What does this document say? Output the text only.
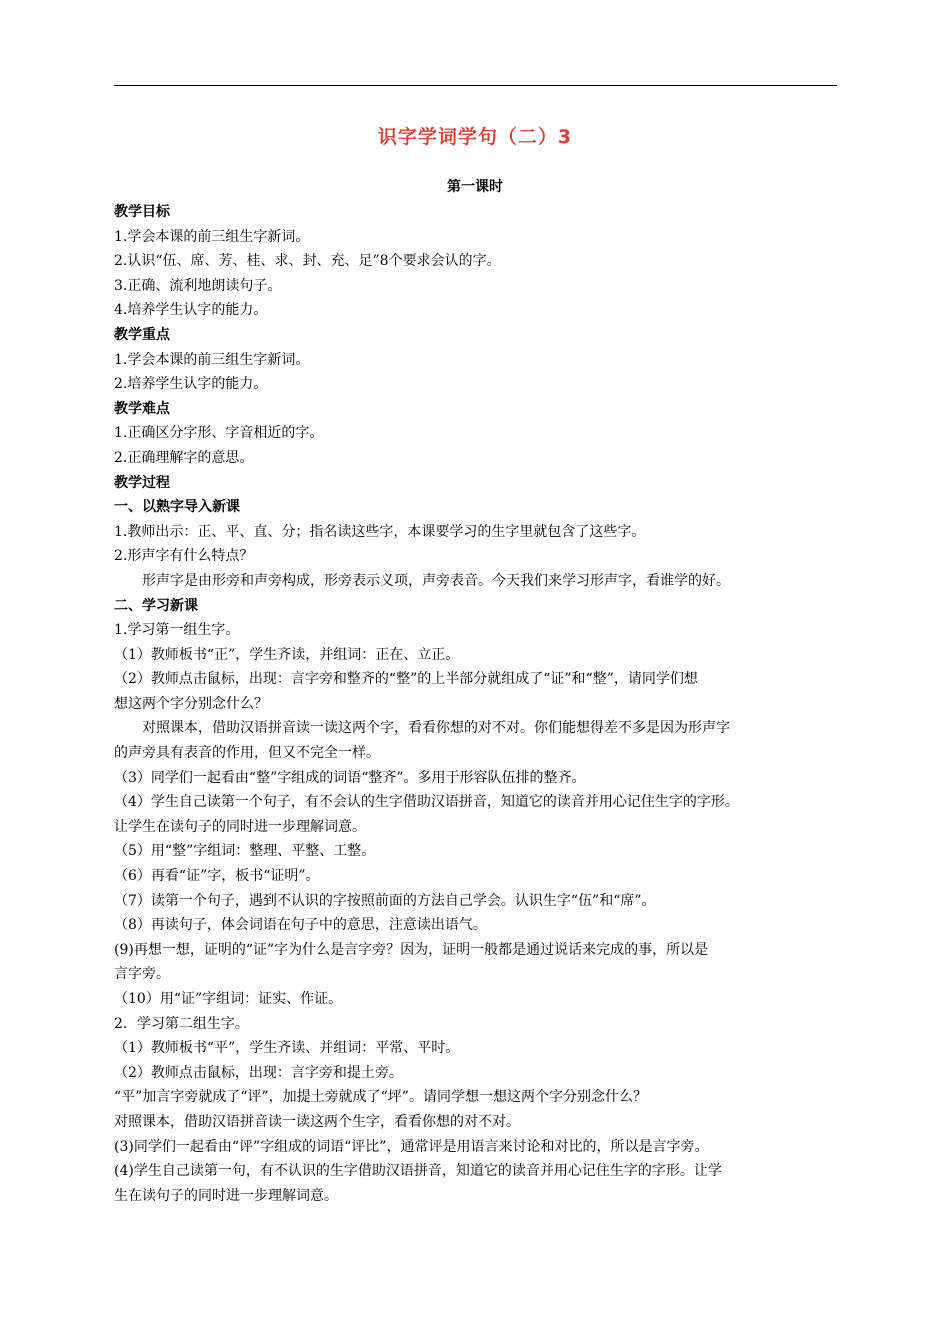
识字学词学句（二）3
第一课时

教学目标

1.学会本课的前三组生字新词。

2.认识“伍、席、芳、桂、求、封、充、足”8个要求会认的字。

3.正确、流利地朗读句子。

4.培养学生认字的能力。

教学重点

1.学会本课的前三组生字新词。

2.培养学生认字的能力。

教学难点

1.正确区分字形、字音相近的字。

2.正确理解字的意思。

教学过程

一、以熟字导入新课

1.教师出示：正、平、直、分；指名读这些字，本课要学习的生字里就包含了这些字。

2.形声字有什么特点？

形声字是由形旁和声旁构成，形旁表示义项，声旁表音。今天我们来学习形声字，看谁学的好。

二、学习新课

1.学习第一组生字。

（1）教师板书“正”，学生齐读，并组词：正在、立正。

（2）教师点击鼠标，出现：言字旁和整齐的“整”的上半部分就组成了“证”和“整”，请同学们想

想这两个字分别念什么？

对照课本，借助汉语拼音读一读这两个字，看看你想的对不对。你们能想得差不多是因为形声字

的声旁具有表音的作用，但又不完全一样。

（3）同学们一起看由“整”字组成的词语“整齐”。多用于形容队伍排的整齐。

（4）学生自己读第一个句子，有不会认的生字借助汉语拼音，知道它的读音并用心记住生字的字形。

让学生在读句子的同时进一步理解词意。

（5）用“整”字组词：整理、平整、工整。

（6）再看“证”字，板书“证明”。

（7）读第一个句子，遇到不认识的字按照前面的方法自己学会。认识生字“伍”和“席”。

（8）再读句子，体会词语在句子中的意思，注意读出语气。

(9)再想一想，证明的“证”字为什么是言字旁？因为，证明一般都是通过说话来完成的事，所以是

言字旁。

（10）用“证”字组词：证实、作证。

2．学习第二组生字。

（1）教师板书“平”，学生齐读、并组词：平常、平时。

（2）教师点击鼠标，出现：言字旁和提土旁。

“平”加言字旁就成了“评”，加提土旁就成了“坪”。请同学想一想这两个字分别念什么？

对照课本，借助汉语拼音读一读这两个生字，看看你想的对不对。

(3)同学们一起看由“评”字组成的词语“评比”，通常评是用语言来讨论和对比的，所以是言字旁。

(4)学生自己读第一句，有不认识的生字借助汉语拼音，知道它的读音并用心记住生字的字形。让学

生在读句子的同时进一步理解词意。
